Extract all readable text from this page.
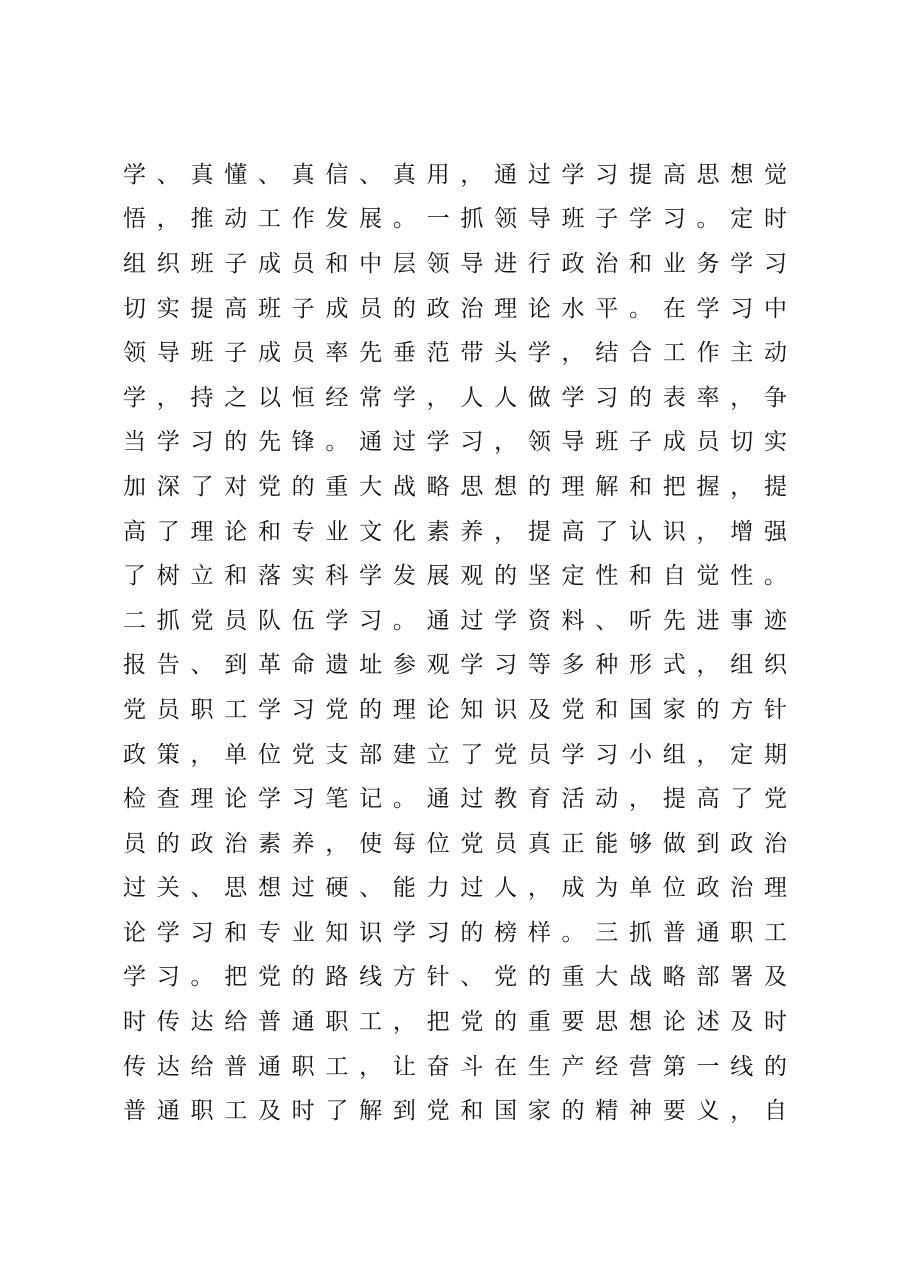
学 、 真 懂 、 真 信 、 真 用 ， 通 过 学 习 提 高 思 想 觉
悟 ， 推 动 工 作 发 展 。 一 抓 领 导 班 子 学 习 。 定 时
组 织 班 子 成 员 和 中 层 领 导 进 行 政 治 和 业 务 学 习
切 实 提 高 班 子 成 员 的 政 治 理 论 水 平 。 在 学 习 中
领 导 班 子 成 员 率 先 垂 范 带 头 学 ， 结 合 工 作 主 动
学 ， 持 之 以 恒 经 常 学 ， 人 人 做 学 习 的 表 率 ， 争
当 学 习 的 先 锋 。 通 过 学 习 ， 领 导 班 子 成 员 切 实
加 深 了 对 党 的 重 大 战 略 思 想 的 理 解 和 把 握 ， 提
高 了 理 论 和 专 业 文 化 素 养 ， 提 高 了 认 识 ， 增 强
了 树 立 和 落 实 科 学 发 展 观 的 坚 定 性 和 自 觉 性 。
二 抓 党 员 队 伍 学 习 。 通 过 学 资 料 、 听 先 进 事 迹
报 告 、 到 革 命 遗 址 参 观 学 习 等 多 种 形 式 ， 组 织
党 员 职 工 学 习 党 的 理 论 知 识 及 党 和 国 家 的 方 针
政 策 ， 单 位 党 支 部 建 立 了 党 员 学 习 小 组 ， 定 期
检 查 理 论 学 习 笔 记 。 通 过 教 育 活 动 ， 提 高 了 党
员 的 政 治 素 养 ， 使 每 位 党 员 真 正 能 够 做 到 政 治
过 关 、 思 想 过 硬 、 能 力 过 人 ， 成 为 单 位 政 治 理
论 学 习 和 专 业 知 识 学 习 的 榜 样 。 三 抓 普 通 职 工
学 习 。 把 党 的 路 线 方 针 、 党 的 重 大 战 略 部 署 及
时 传 达 给 普 通 职 工 ， 把 党 的 重 要 思 想 论 述 及 时
传 达 给 普 通 职 工 ， 让 奋 斗 在 生 产 经 营 第 一 线 的
普 通 职 工 及 时 了 解 到 党 和 国 家 的 精 神 要 义 ， 自
